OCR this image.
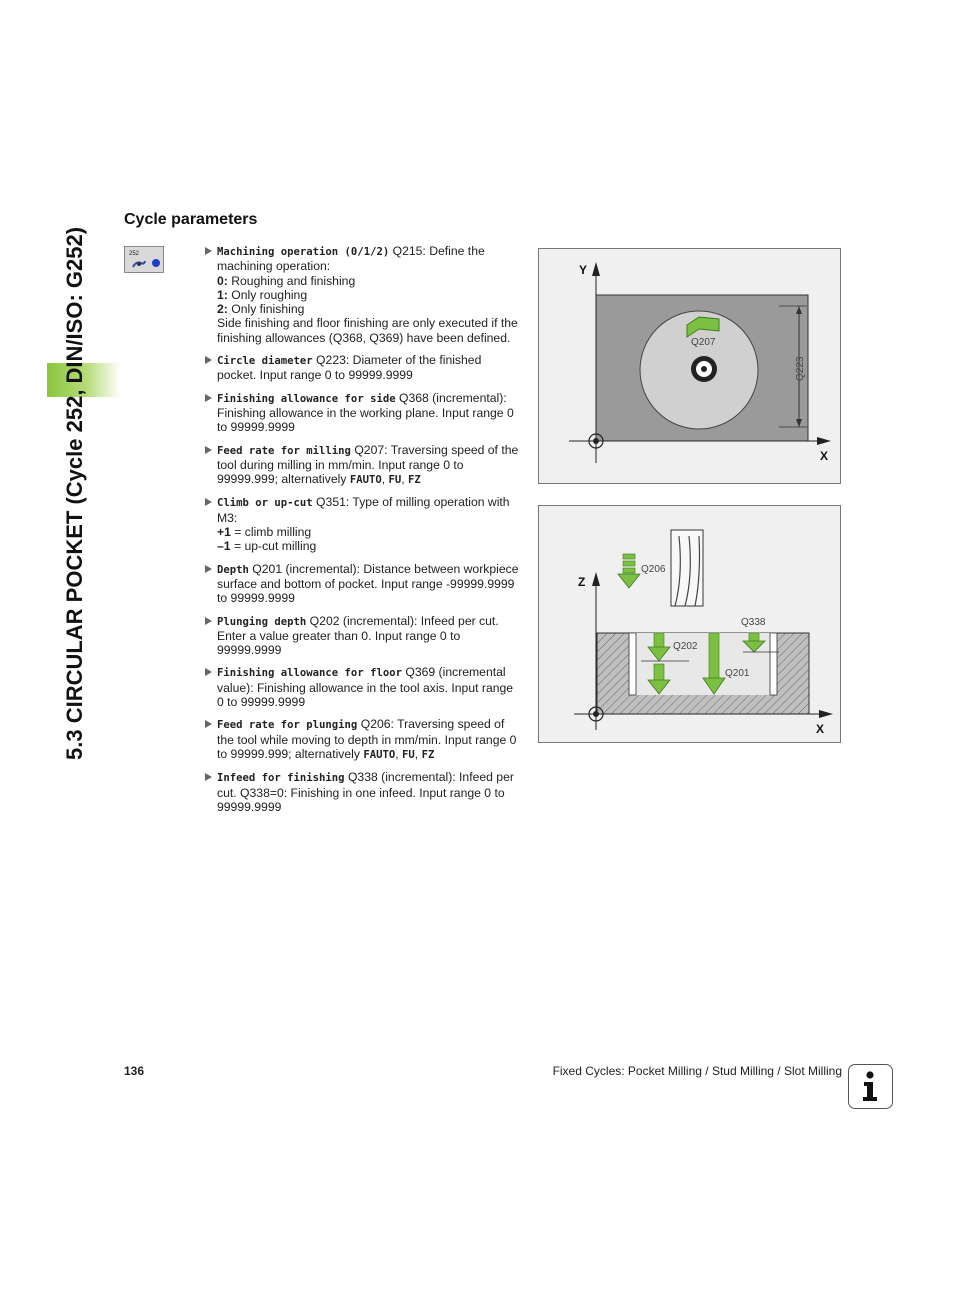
5.3 CIRCULAR POCKET (Cycle 252, DIN/ISO: G252)
Cycle parameters
252	Machining operation (0/1/2) Q215: Define the machining operation:
0: Roughing and finishing
1: Only roughing
2: Only finishing
Side finishing and floor finishing are only executed if the finishing allowances (Q368, Q369) have been defined.
Circle diameter Q223: Diameter of the finished pocket. Input range 0 to 99999.9999
Finishing allowance for side Q368 (incremental): Finishing allowance in the working plane. Input range 0 to 99999.9999
Feed rate for milling Q207: Traversing speed of the tool during milling in mm/min. Input range 0 to 99999.999; alternatively FAUTO, FU, FZ
Climb or up-cut Q351: Type of milling operation with M3:
+1 = climb milling
–1 = up-cut milling
Depth Q201 (incremental): Distance between workpiece surface and bottom of pocket. Input range -99999.9999 to 99999.9999
Plunging depth Q202 (incremental): Infeed per cut. Enter a value greater than 0. Input range 0 to 99999.9999
Finishing allowance for floor Q369 (incremental value): Finishing allowance in the tool axis. Input range 0 to 99999.9999
Feed rate for plunging Q206: Traversing speed of the tool while moving to depth in mm/min. Input range 0 to 99999.999; alternatively FAUTO, FU, FZ
Infeed for finishing Q338 (incremental): Infeed per cut. Q338=0: Finishing in one infeed. Input range 0 to 99999.9999
Q223
Q207
Y
X
Q206
Q202
Q201
Q338
Z
X
136	Fixed Cycles: Pocket Milling / Stud Milling / Slot Milling
